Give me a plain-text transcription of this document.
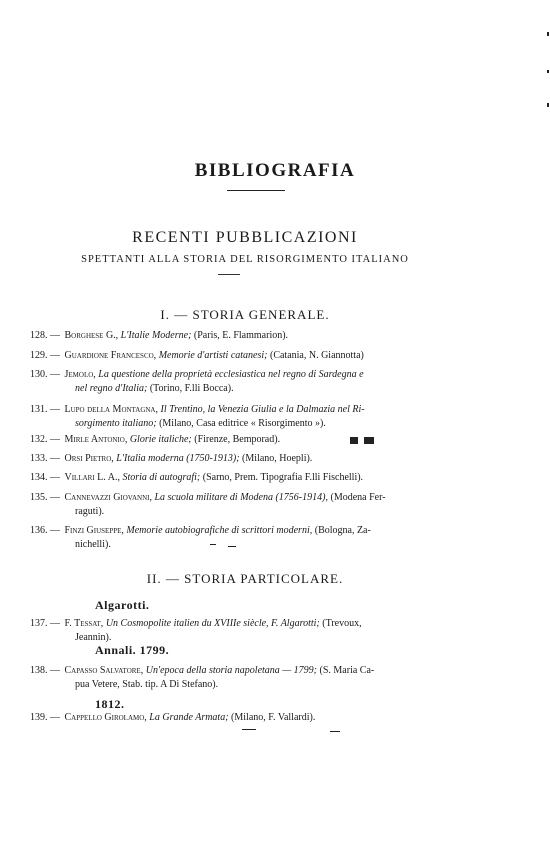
BIBLIOGRAFIA
RECENTI PUBBLICAZIONI
SPETTANTI ALLA STORIA DEL RISORGIMENTO ITALIANO
I. — STORIA GENERALE.
128. — Borghese G., L'Italie Moderne; (Paris, E. Flammarion).
129. — Guardione Francesco, Memorie d'artisti catanesi; (Catania, N. Giannotta)
130. — Jemolo, La questione della proprietà ecclesiastica nel regno di Sardegna e
nel regno d'Italia; (Torino, F.lli Bocca).
131. — Lupo della Montagna, Il Trentino, la Venezia Giulia e la Dalmazia nel Ri-
sorgimento italiano; (Milano, Casa editrice « Risorgimento »).
132. — Mirle Antonio, Glorie italiche; (Firenze, Bemporad).
133. — Orsi Pietro, L'Italia moderna (1750-1913); (Milano, Hoepli).
134. — Villari L. A., Storia di autografi; (Sarno, Prem. Tipografia F.lli Fischelli).
135. — Cannevazzi Giovanni, La scuola militare di Modena (1756-1914), (Modena Fer-
raguti).
136. — Finzi Giuseppe, Memorie autobiografiche di scrittori moderni, (Bologna, Za-
nichelli).
II. — STORIA PARTICOLARE.
Algarotti.
137. — F. Tessat, Un Cosmopolite italien du XVIIIe siècle, F. Algarotti; (Trevoux,
Jeannin).
Annali. 1799.
138. — Capasso Salvatore, Un'epoca della storia napoletana — 1799; (S. Maria Ca-
pua Vetere, Stab. tip. A Di Stefano).
1812.
139. — Cappello Girolamo, La Grande Armata; (Milano, F. Vallardi).
